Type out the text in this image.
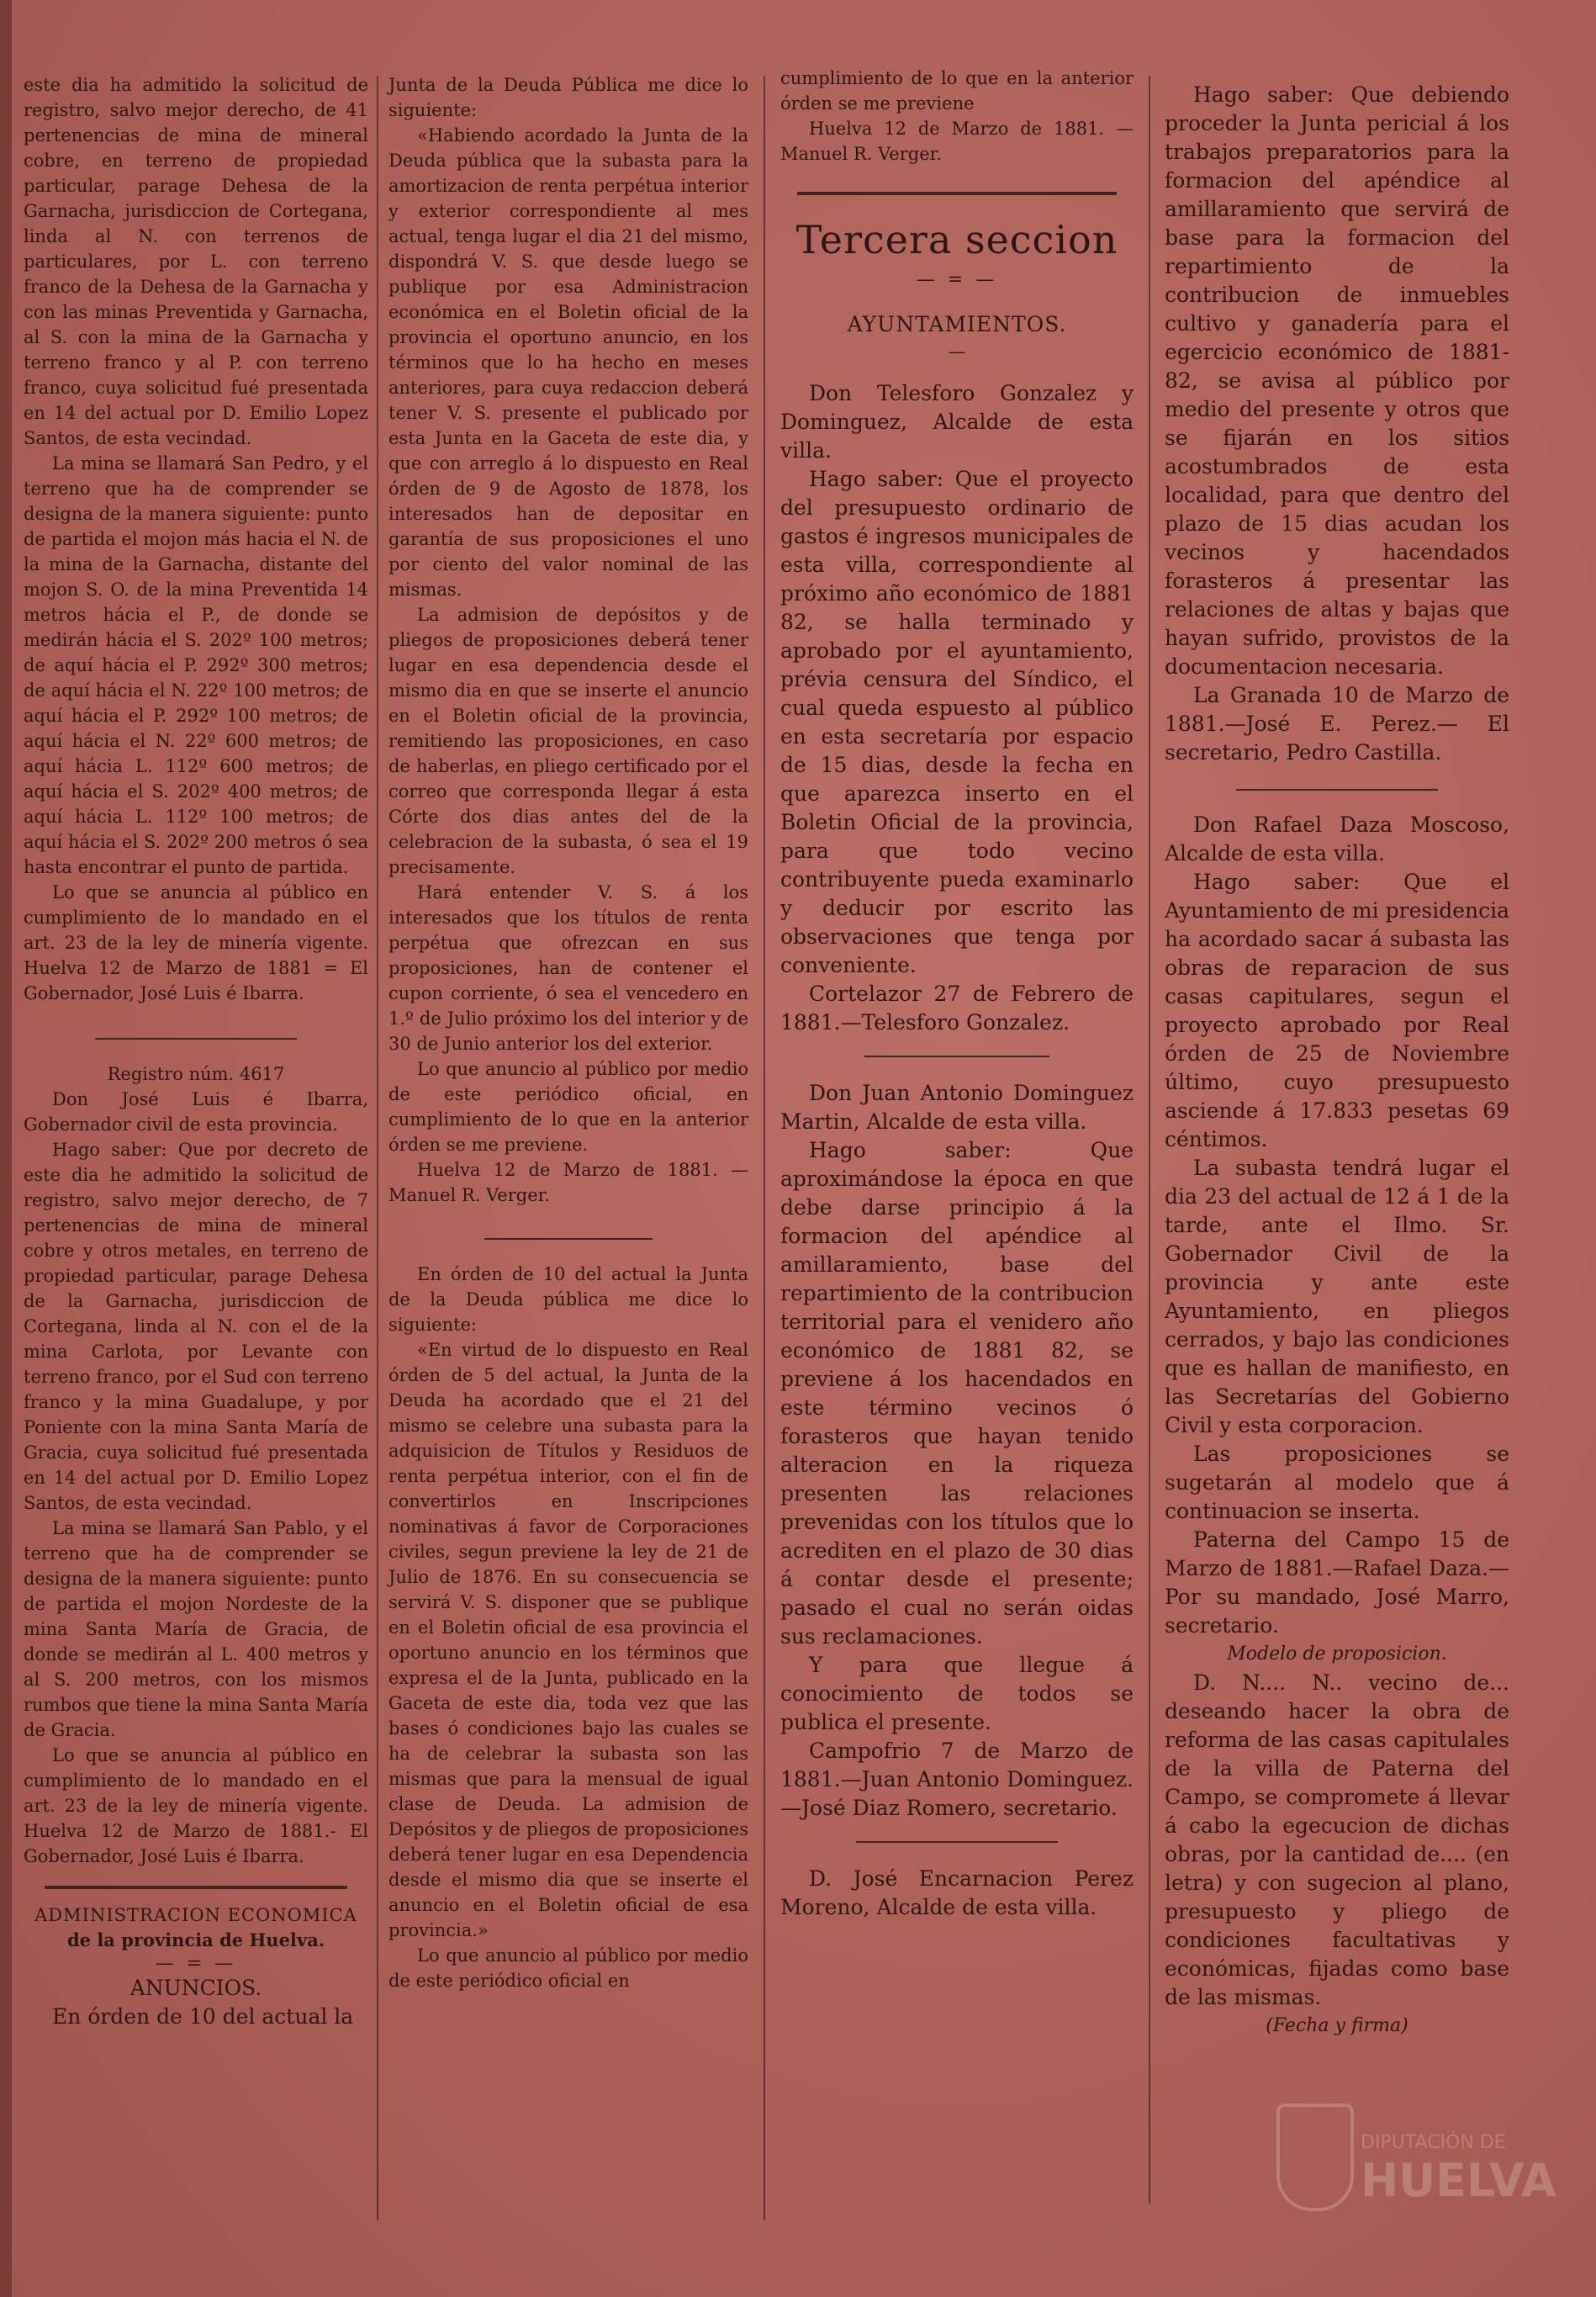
este dia ha admitido la solicitud de registro, salvo mejor derecho, de 41 pertenencias de mina de mineral cobre, en terreno de propiedad particular, parage Dehesa de la Garnacha, jurisdiccion de Cortegana, linda al N. con terrenos de particulares, por L. con terreno franco de la Dehesa de la Garnacha y con las minas Preventida y Garnacha, al S. con la mina de la Garnacha y terreno franco y al P. con terreno franco, cuya solicitud fué presentada en 14 del actual por D. Emilio Lopez Santos, de esta vecindad.

La mina se llamará San Pedro, y el terreno que ha de comprender se designa de la manera siguiente: punto de partida el mojon más hacia el N. de la mina de la Garnacha, distante del mojon S. O. de la mina Preventida 14 metros hácia el P., de donde se medirán hácia el S. 202º 100 metros; de aquí hácia el P. 292º 300 metros; de aquí hácia el N. 22º 100 metros; de aquí hácia el P. 292º 100 metros; de aquí hácia el N. 22º 600 metros; de aquí hácia L. 112º 600 metros; de aquí hácia el S. 202º 400 metros; de aquí hácia L. 112º 100 metros; de aquí hácia el S. 202º 200 metros ó sea hasta encontrar el punto de partida.

Lo que se anuncia al público en cumplimiento de lo mandado en el art. 23 de la ley de minería vigente. Huelva 12 de Marzo de 1881 = El Gobernador, José Luis é Ibarra.

Registro núm. 4617

Don José Luis é Ibarra, Gobernador civil de esta provincia.

Hago saber: Que por decreto de este dia he admitido la solicitud de registro, salvo mejor derecho, de 7 pertenencias de mina de mineral cobre y otros metales, en terreno de propiedad particular, parage Dehesa de la Garnacha, jurisdiccion de Cortegana, linda al N. con el de la mina Carlota, por Levante con terreno franco, por el Sud con terreno franco y la mina Guadalupe, y por Poniente con la mina Santa María de Gracia, cuya solicitud fué presentada en 14 del actual por D. Emilio Lopez Santos, de esta vecindad.

La mina se llamará San Pablo, y el terreno que ha de comprender se designa de la manera siguiente: punto de partida el mojon Nordeste de la mina Santa María de Gracia, de donde se medirán al L. 400 metros y al S. 200 metros, con los mismos rumbos que tiene la mina Santa María de Gracia.

Lo que se anuncia al público en cumplimiento de lo mandado en el art. 23 de la ley de minería vigente. Huelva 12 de Marzo de 1881.- El Gobernador, José Luis é Ibarra.

ADMINISTRACION ECONOMICA

de la provincia de Huelva.

— = —

ANUNCIOS.

En órden de 10 del actual la

Junta de la Deuda Pública me dice lo siguiente:

«Habiendo acordado la Junta de la Deuda pública que la subasta para la amortizacion de renta perpétua interior y exterior correspondiente al mes actual, tenga lugar el dia 21 del mismo, dispondrá V. S. que desde luego se publique por esa Administracion económica en el Boletin oficial de la provincia el oportuno anuncio, en los términos que lo ha hecho en meses anteriores, para cuya redaccion deberá tener V. S. presente el publicado por esta Junta en la Gaceta de este dia, y que con arreglo á lo dispuesto en Real órden de 9 de Agosto de 1878, los interesados han de depositar en garantía de sus proposiciones el uno por ciento del valor nominal de las mismas.

La admision de depósitos y de pliegos de proposiciones deberá tener lugar en esa dependencia desde el mismo dia en que se inserte el anuncio en el Boletin oficial de la provincia, remitiendo las proposiciones, en caso de haberlas, en pliego certificado por el correo que corresponda llegar á esta Córte dos dias antes del de la celebracion de la subasta, ó sea el 19 precisamente.

Hará entender V. S. á los interesados que los títulos de renta perpétua que ofrezcan en sus proposiciones, han de contener el cupon corriente, ó sea el vencedero en 1.º de Julio próximo los del interior y de 30 de Junio anterior los del exterior.

Lo que anuncio al público por medio de este periódico oficial, en cumplimiento de lo que en la anterior órden se me previene.

Huelva 12 de Marzo de 1881. —Manuel R. Verger.

En órden de 10 del actual la Junta de la Deuda pública me dice lo siguiente:

«En virtud de lo dispuesto en Real órden de 5 del actual, la Junta de la Deuda ha acordado que el 21 del mismo se celebre una subasta para la adquisicion de Títulos y Residuos de renta perpétua interior, con el fin de convertirlos en Inscripciones nominativas á favor de Corporaciones civiles, segun previene la ley de 21 de Julio de 1876. En su consecuencia se servirá V. S. disponer que se publique en el Boletin oficial de esa provincia el oportuno anuncio en los términos que expresa el de la Junta, publicado en la Gaceta de este dia, toda vez que las bases ó condiciones bajo las cuales se ha de celebrar la subasta son las mismas que para la mensual de igual clase de Deuda. La admision de Depósitos y de pliegos de proposiciones deberá tener lugar en esa Dependencia desde el mismo dia que se inserte el anuncio en el Boletin oficial de esa provincia.»

Lo que anuncio al público por medio de este periódico oficial en

cumplimiento de lo que en la anterior órden se me previene

Huelva 12 de Marzo de 1881. — Manuel R. Verger.

Tercera seccion
— = —

AYUNTAMIENTOS.

—

Don Telesforo Gonzalez y Dominguez, Alcalde de esta villa.

Hago saber: Que el proyecto del presupuesto ordinario de gastos é ingresos municipales de esta villa, correspondiente al próximo año económico de 1881 82, se halla terminado y aprobado por el ayuntamiento, prévia censura del Síndico, el cual queda espuesto al público en esta secretaría por espacio de 15 dias, desde la fecha en que aparezca inserto en el Boletin Oficial de la provincia, para que todo vecino contribuyente pueda examinarlo y deducir por escrito las observaciones que tenga por conveniente.

Cortelazor 27 de Febrero de 1881.—Telesforo Gonzalez.

Don Juan Antonio Dominguez Martin, Alcalde de esta villa.

Hago saber: Que aproximándose la época en que debe darse principio á la formacion del apéndice al amillaramiento, base del repartimiento de la contribucion territorial para el venidero año económico de 1881 82, se previene á los hacendados en este término vecinos ó forasteros que hayan tenido alteracion en la riqueza presenten las relaciones prevenidas con los títulos que lo acrediten en el plazo de 30 dias á contar desde el presente; pasado el cual no serán oidas sus reclamaciones.

Y para que llegue á conocimiento de todos se publica el presente.

Campofrio 7 de Marzo de 1881.—Juan Antonio Dominguez.—José Diaz Romero, secretario.

D. José Encarnacion Perez Moreno, Alcalde de esta villa.

Hago saber: Que debiendo proceder la Junta pericial á los trabajos preparatorios para la formacion del apéndice al amillaramiento que servirá de base para la formacion del repartimiento de la contribucion de inmuebles cultivo y ganadería para el egercicio económico de 1881-82, se avisa al público por medio del presente y otros que se fijarán en los sitios acostumbrados de esta localidad, para que dentro del plazo de 15 dias acudan los vecinos y hacendados forasteros á presentar las relaciones de altas y bajas que hayan sufrido, provistos de la documentacion necesaria.

La Granada 10 de Marzo de 1881.—José E. Perez.— El secretario, Pedro Castilla.

Don Rafael Daza Moscoso, Alcalde de esta villa.

Hago saber: Que el Ayuntamiento de mi presidencia ha acordado sacar á subasta las obras de reparacion de sus casas capitulares, segun el proyecto aprobado por Real órden de 25 de Noviembre último, cuyo presupuesto asciende á 17.833 pesetas 69 céntimos.

La subasta tendrá lugar el dia 23 del actual de 12 á 1 de la tarde, ante el Ilmo. Sr. Gobernador Civil de la provincia y ante este Ayuntamiento, en pliegos cerrados, y bajo las condiciones que es hallan de manifiesto, en las Secretarías del Gobierno Civil y esta corporacion.

Las proposiciones se sugetarán al modelo que á continuacion se inserta.

Paterna del Campo 15 de Marzo de 1881.—Rafael Daza.—Por su mandado, José Marro, secretario.

Modelo de proposicion.

D. N.... N.. vecino de... deseando hacer la obra de reforma de las casas capitulales de la villa de Paterna del Campo, se compromete á llevar á cabo la egecucion de dichas obras, por la cantidad de.... (en letra) y con sugecion al plano, presupuesto y pliego de condiciones facultativas y económicas, fijadas como base de las mismas.

(Fecha y firma)

DIPUTACIÓN DE
HUELVA
